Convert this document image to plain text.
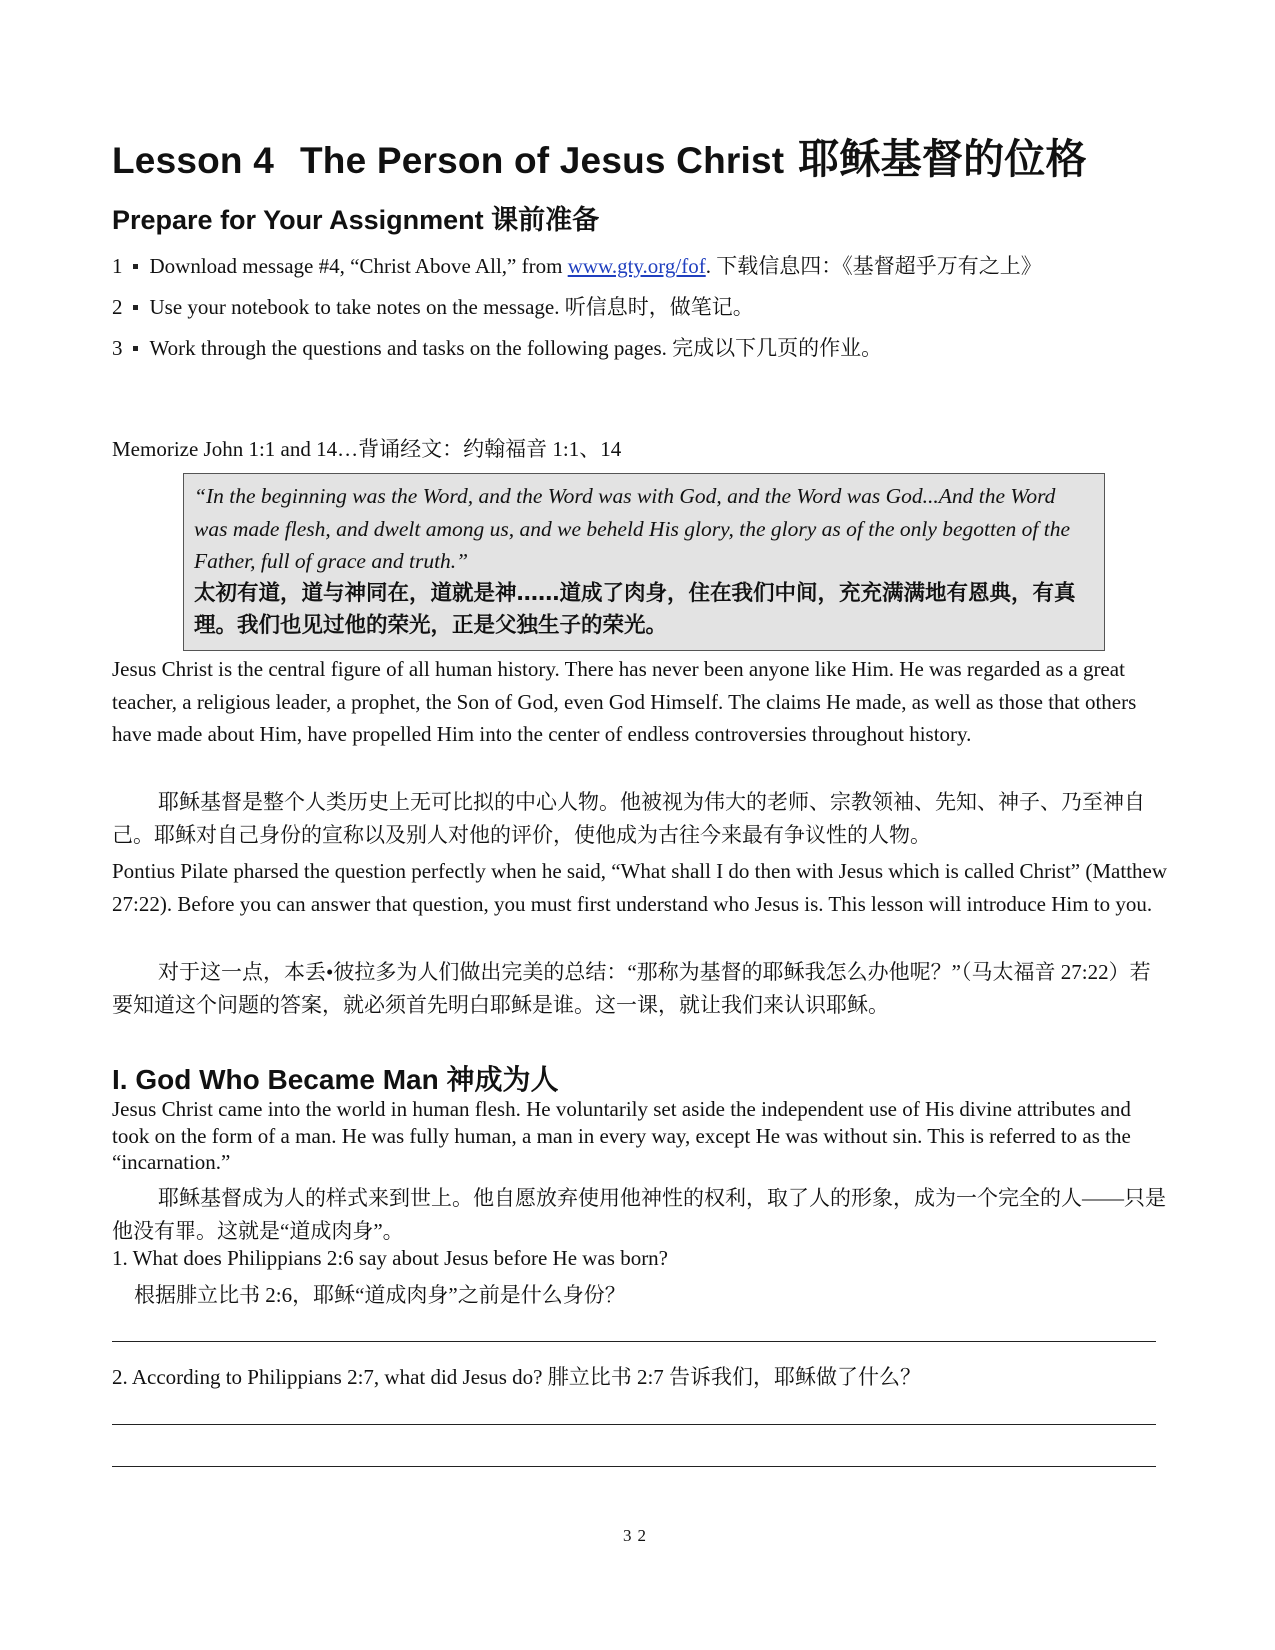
Lesson 4 The Person of Jesus Christ 耶稣基督的位格
Prepare for Your Assignment 课前准备
1 Download message #4, “Christ Above All,” from www.gty.org/fof. 下载信息四：《基督超乎万有之上》
2 Use your notebook to take notes on the message. 听信息时，做笔记。
3 Work through the questions and tasks on the following pages. 完成以下几页的作业。
Memorize John 1:1 and 14…背诵经文：约翰福音 1:1、14
“In the beginning was the Word, and the Word was with God, and the Word was God...And the Word was made flesh, and dwelt among us, and we beheld His glory, the glory as of the only begotten of the Father, full of grace and truth.”
太初有道，道与神同在，道就是神……道成了肉身，住在我们中间，充充满满地有恩典，有真理。我们也见过他的荣光，正是父独生子的荣光。
Jesus Christ is the central figure of all human history. There has never been anyone like Him. He was regarded as a great teacher, a religious leader, a prophet, the Son of God, even God Himself. The claims He made, as well as those that others have made about Him, have propelled Him into the center of endless controversies throughout history.
耶稣基督是整个人类历史上无可比拟的中心人物。他被视为伟大的老师、宗教领袖、先知、神子、乃至神自己。耶稣对自己身份的宣称以及别人对他的评价，使他成为古往今来最有争议性的人物。
Pontius Pilate pharsed the question perfectly when he said, “What shall I do then with Jesus which is called Christ” (Matthew 27:22). Before you can answer that question, you must first understand who Jesus is. This lesson will introduce Him to you.
对于这一点，本丢•彼拉多为人们做出完美的总结：“那称为基督的耶稣我怎么办他呢？”（马太福音 27:22）若要知道这个问题的答案，就必须首先明白耶稣是谁。这一课，就让我们来认识耶稣。
I. God Who Became Man 神成为人
Jesus Christ came into the world in human flesh. He voluntarily set aside the independent use of His divine attributes and took on the form of a man. He was fully human, a man in every way, except He was without sin. This is referred to as the “incarnation.”
耶稣基督成为人的样式来到世上。他自愿放弃使用他神性的权利，取了人的形象，成为一个完全的人——只是他没有罪。这就是“道成肉身”。
1. What does Philippians 2:6 say about Jesus before He was born?
根据腓立比书 2:6，耶稣“道成肉身”之前是什么身份？
2. According to Philippians 2:7, what did Jesus do? 腓立比书 2:7 告诉我们，耶稣做了什么？
32
